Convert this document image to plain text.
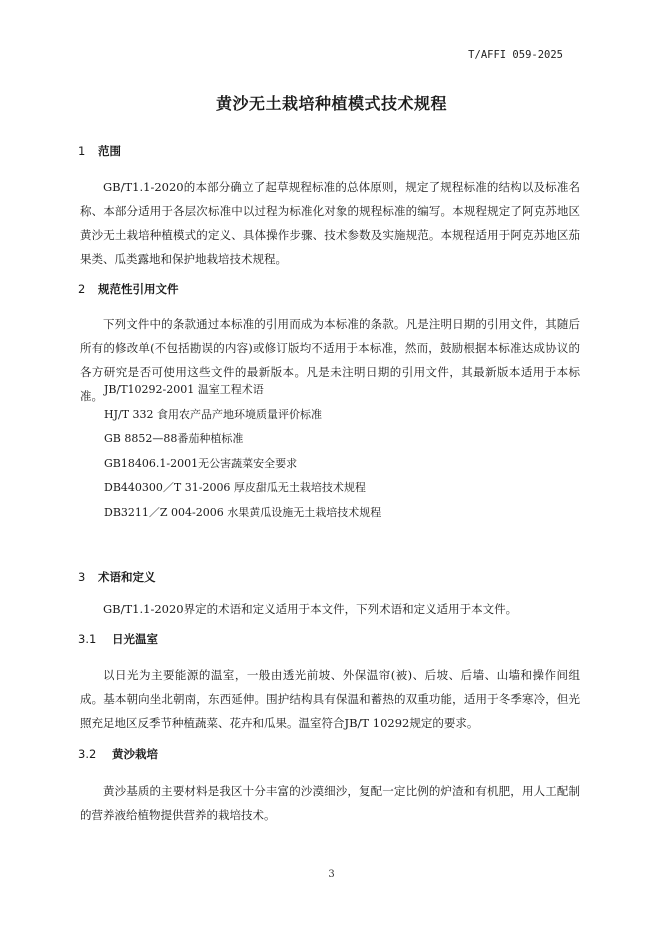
T/AFFI 059-2025
黄沙无土栽培种植模式技术规程
1 范围
GB/T1.1-2020的本部分确立了起草规程标准的总体原则，规定了规程标准的结构以及标准名称、本部分适用于各层次标准中以过程为标准化对象的规程标准的编写。本规程规定了阿克苏地区黄沙无土栽培种植模式的定义、具体操作步骤、技术参数及实施规范。本规程适用于阿克苏地区茄果类、瓜类露地和保护地栽培技术规程。
2 规范性引用文件
下列文件中的条款通过本标准的引用而成为本标准的条款。凡是注明日期的引用文件，其随后所有的修改单(不包括勘误的内容)或修订版均不适用于本标准，然而，鼓励根据本标准达成协议的各方研究是否可使用这些文件的最新版本。凡是未注明日期的引用文件，其最新版本适用于本标准。 JB/T10292-2001 温室工程术语
HJ/T 332 食用农产品产地环境质量评价标准
GB 8852—88番茄种植标准
GB18406.1-2001无公害蔬菜安全要求
DB440300／T 31-2006 厚皮甜瓜无土栽培技术规程
DB3211／Z 004-2006 水果黄瓜设施无土栽培技术规程
3 术语和定义
GB/T1.1-2020界定的术语和定义适用于本文件，下列术语和定义适用于本文件。
3.1 日光温室
以日光为主要能源的温室，一般由透光前坡、外保温帘(被)、后坡、后墙、山墙和操作间组成。基本朝向坐北朝南，东西延伸。围护结构具有保温和蓄热的双重功能，适用于冬季寒冷，但光照充足地区反季节种植蔬菜、花卉和瓜果。温室符合JB/T 10292规定的要求。
3.2 黄沙栽培
黄沙基质的主要材料是我区十分丰富的沙漠细沙，复配一定比例的炉渣和有机肥，用人工配制的营养液给植物提供营养的栽培技术。
3
